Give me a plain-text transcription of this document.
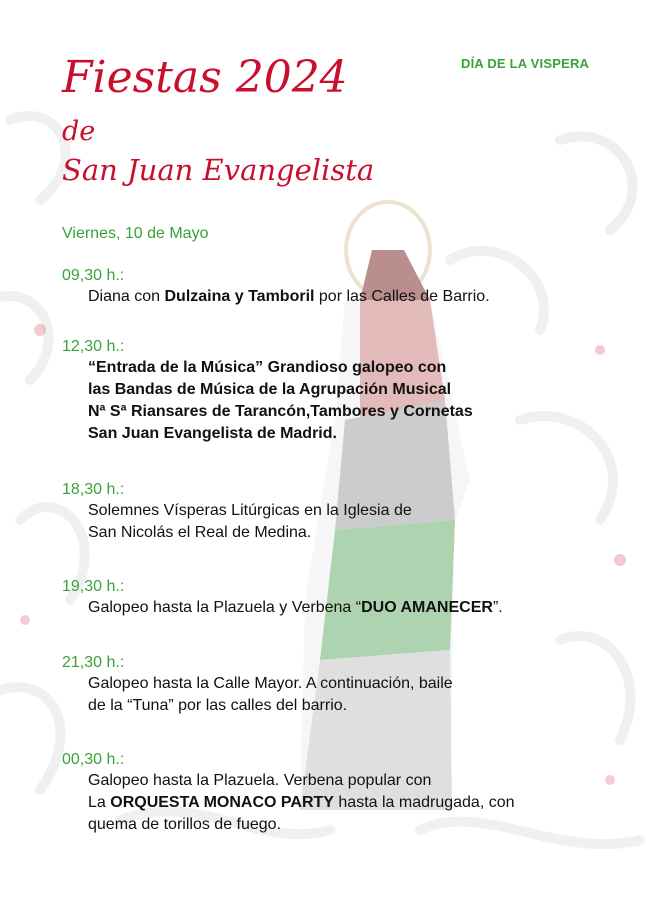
DÍA DE LA VISPERA
Fiestas 2024
de
San Juan Evangelista
Viernes, 10 de Mayo
09,30 h.:
Diana con Dulzaina y Tamboril por las Calles de Barrio.
12,30 h.:
“Entrada de la Música” Grandioso galopeo con
las Bandas de Música de la Agrupación Musical
Nª Sª Riansares de Tarancón,Tambores y Cornetas
San Juan Evangelista de Madrid.
18,30 h.:
Solemnes Vísperas Litúrgicas en la Iglesia de
San Nicolás el Real de Medina.
19,30 h.:
Galopeo hasta la Plazuela y Verbena “DUO AMANECER”.
21,30 h.:
Galopeo hasta la Calle Mayor. A continuación, baile
de la “Tuna” por las calles del barrio.
00,30 h.:
Galopeo hasta la Plazuela. Verbena popular con
La ORQUESTA MONACO PARTY hasta la madrugada, con
quema de torillos de fuego.
